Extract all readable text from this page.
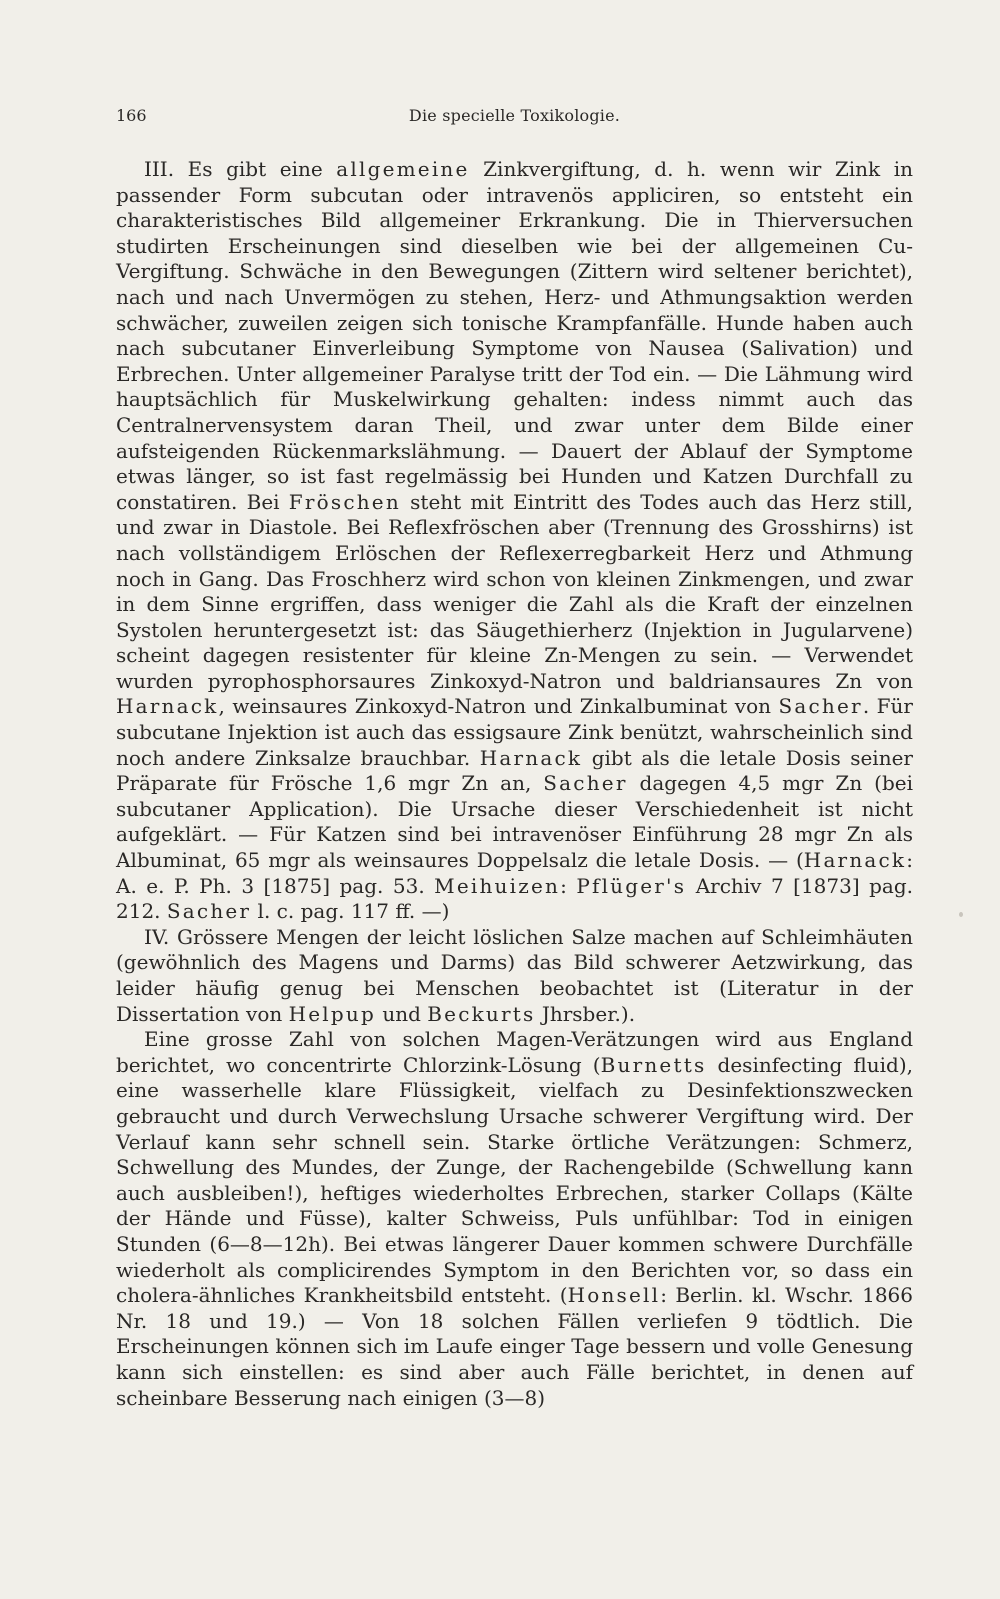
166	Die specielle Toxikologie.

III. Es gibt eine allgemeine Zinkvergiftung, d. h. wenn wir Zink in passender Form subcutan oder intravenös appliciren, so entsteht ein charakteristisches Bild allgemeiner Erkrankung. Die in Thierversuchen studirten Erscheinungen sind dieselben wie bei der allgemeinen Cu-Vergiftung. Schwäche in den Bewegungen (Zittern wird seltener berichtet), nach und nach Unvermögen zu stehen, Herz- und Athmungsaktion werden schwächer, zuweilen zeigen sich tonische Krampfanfälle. Hunde haben auch nach subcutaner Einverleibung Symptome von Nausea (Salivation) und Erbrechen. Unter allgemeiner Paralyse tritt der Tod ein. — Die Lähmung wird hauptsächlich für Muskelwirkung gehalten: indess nimmt auch das Centralnervensystem daran Theil, und zwar unter dem Bilde einer aufsteigenden Rückenmarkslähmung. — Dauert der Ablauf der Symptome etwas länger, so ist fast regelmässig bei Hunden und Katzen Durchfall zu constatiren. Bei Fröschen steht mit Eintritt des Todes auch das Herz still, und zwar in Diastole. Bei Reflexfröschen aber (Trennung des Grosshirns) ist nach vollständigem Erlöschen der Reflexerregbarkeit Herz und Athmung noch in Gang. Das Froschherz wird schon von kleinen Zinkmengen, und zwar in dem Sinne ergriffen, dass weniger die Zahl als die Kraft der einzelnen Systolen heruntergesetzt ist: das Säugethierherz (Injektion in Jugularvene) scheint dagegen resistenter für kleine Zn-Mengen zu sein. — Verwendet wurden pyrophosphorsaures Zinkoxyd-Natron und baldriansaures Zn von Harnack, weinsaures Zinkoxyd-Natron und Zinkalbuminat von Sacher. Für subcutane Injektion ist auch das essigsaure Zink benützt, wahrscheinlich sind noch andere Zinksalze brauchbar. Harnack gibt als die letale Dosis seiner Präparate für Frösche 1,6 mgr Zn an, Sacher dagegen 4,5 mgr Zn (bei subcutaner Application). Die Ursache dieser Verschiedenheit ist nicht aufgeklärt. — Für Katzen sind bei intravenöser Einführung 28 mgr Zn als Albuminat, 65 mgr als weinsaures Doppelsalz die letale Dosis. — (Harnack: A. e. P. Ph. 3 [1875] pag. 53. Meihuizen: Pflüger's Archiv 7 [1873] pag. 212. Sacher l. c. pag. 117 ff. —)

IV. Grössere Mengen der leicht löslichen Salze machen auf Schleimhäuten (gewöhnlich des Magens und Darms) das Bild schwerer Aetzwirkung, das leider häufig genug bei Menschen beobachtet ist (Literatur in der Dissertation von Helpup und Beckurts Jhrsber.).

Eine grosse Zahl von solchen Magen-Verätzungen wird aus England berichtet, wo concentrirte Chlorzink-Lösung (Burnetts desinfecting fluid), eine wasserhelle klare Flüssigkeit, vielfach zu Desinfektionszwecken gebraucht und durch Verwechslung Ursache schwerer Vergiftung wird. Der Verlauf kann sehr schnell sein. Starke örtliche Verätzungen: Schmerz, Schwellung des Mundes, der Zunge, der Rachengebilde (Schwellung kann auch ausbleiben!), heftiges wiederholtes Erbrechen, starker Collaps (Kälte der Hände und Füsse), kalter Schweiss, Puls unfühlbar: Tod in einigen Stunden (6—8—12h). Bei etwas längerer Dauer kommen schwere Durchfälle wiederholt als complicirendes Symptom in den Berichten vor, so dass ein cholera-ähnliches Krankheitsbild entsteht. (Honsell: Berlin. kl. Wschr. 1866 Nr. 18 und 19.) — Von 18 solchen Fällen verliefen 9 tödtlich. Die Erscheinungen können sich im Laufe einger Tage bessern und volle Genesung kann sich einstellen: es sind aber auch Fälle berichtet, in denen auf scheinbare Besserung nach einigen (3—8)
